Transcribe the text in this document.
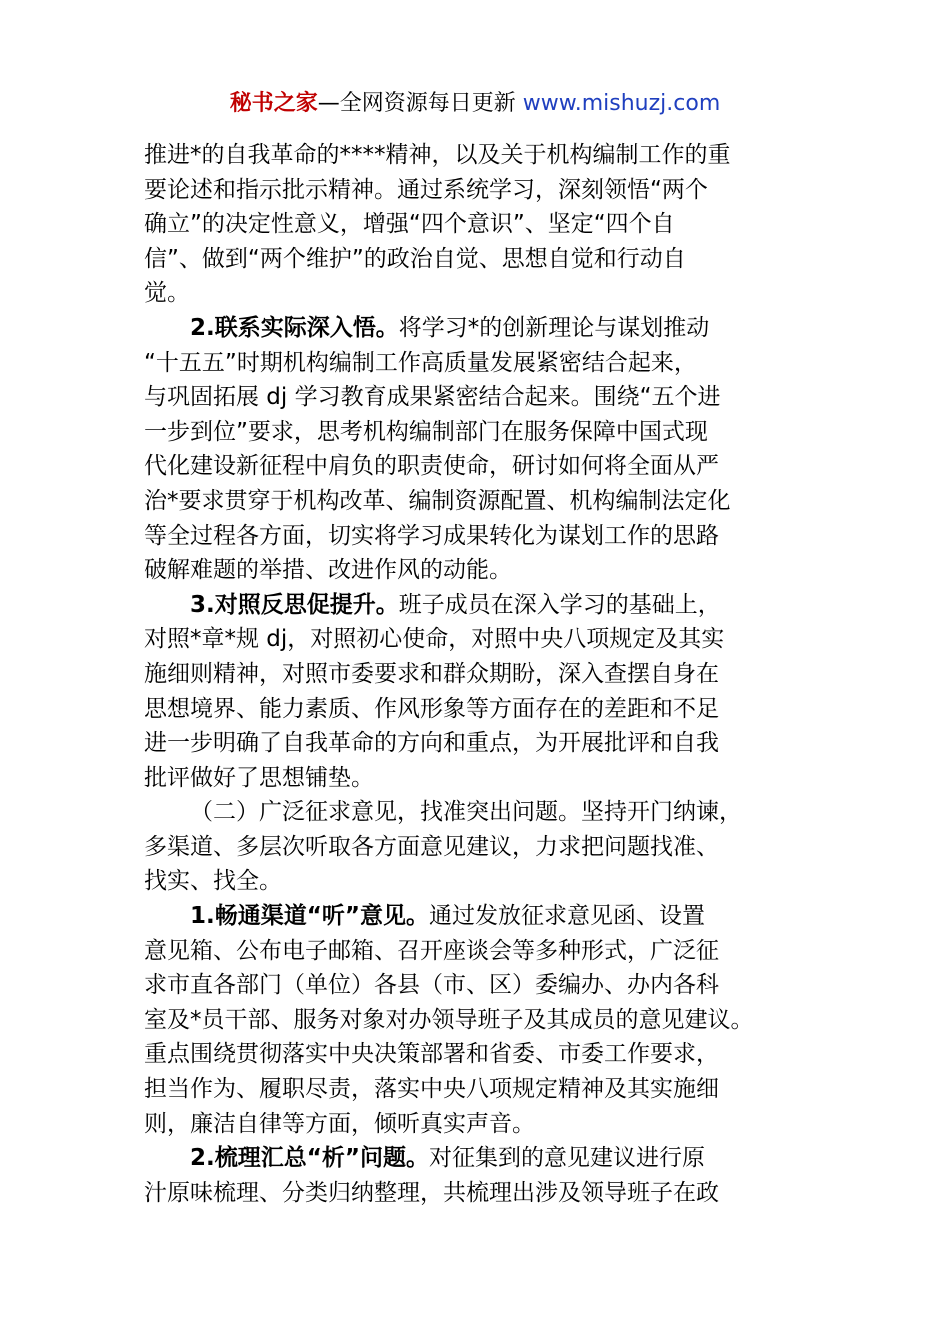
秘书之家—全网资源每日更新 www.mishuzj.com
推进*的自我革命的****精神，以及关于机构编制工作的重
要论述和指示批示精神。通过系统学习，深刻领悟“两个
确立”的决定性意义，增强“四个意识”、坚定“四个自
信”、做到“两个维护”的政治自觉、思想自觉和行动自
觉。
2.联系实际深入悟。将学习*的创新理论与谋划推动
“十五五”时期机构编制工作高质量发展紧密结合起来，
与巩固拓展 dj 学习教育成果紧密结合起来。围绕“五个进
一步到位”要求，思考机构编制部门在服务保障中国式现
代化建设新征程中肩负的职责使命，研讨如何将全面从严
治*要求贯穿于机构改革、编制资源配置、机构编制法定化
等全过程各方面，切实将学习成果转化为谋划工作的思路
破解难题的举措、改进作风的动能。
3.对照反思促提升。班子成员在深入学习的基础上，
对照*章*规 dj，对照初心使命，对照中央八项规定及其实
施细则精神，对照市委要求和群众期盼，深入查摆自身在
思想境界、能力素质、作风形象等方面存在的差距和不足
进一步明确了自我革命的方向和重点，为开展批评和自我
批评做好了思想铺垫。
（二）广泛征求意见，找准突出问题。坚持开门纳谏，
多渠道、多层次听取各方面意见建议，力求把问题找准、
找实、找全。
1.畅通渠道“听”意见。通过发放征求意见函、设置
意见箱、公布电子邮箱、召开座谈会等多种形式，广泛征
求市直各部门（单位）各县（市、区）委编办、办内各科
室及*员干部、服务对象对办领导班子及其成员的意见建议。
重点围绕贯彻落实中央决策部署和省委、市委工作要求，
担当作为、履职尽责，落实中央八项规定精神及其实施细
则，廉洁自律等方面，倾听真实声音。
2.梳理汇总“析”问题。对征集到的意见建议进行原
汁原味梳理、分类归纳整理，共梳理出涉及领导班子在政
